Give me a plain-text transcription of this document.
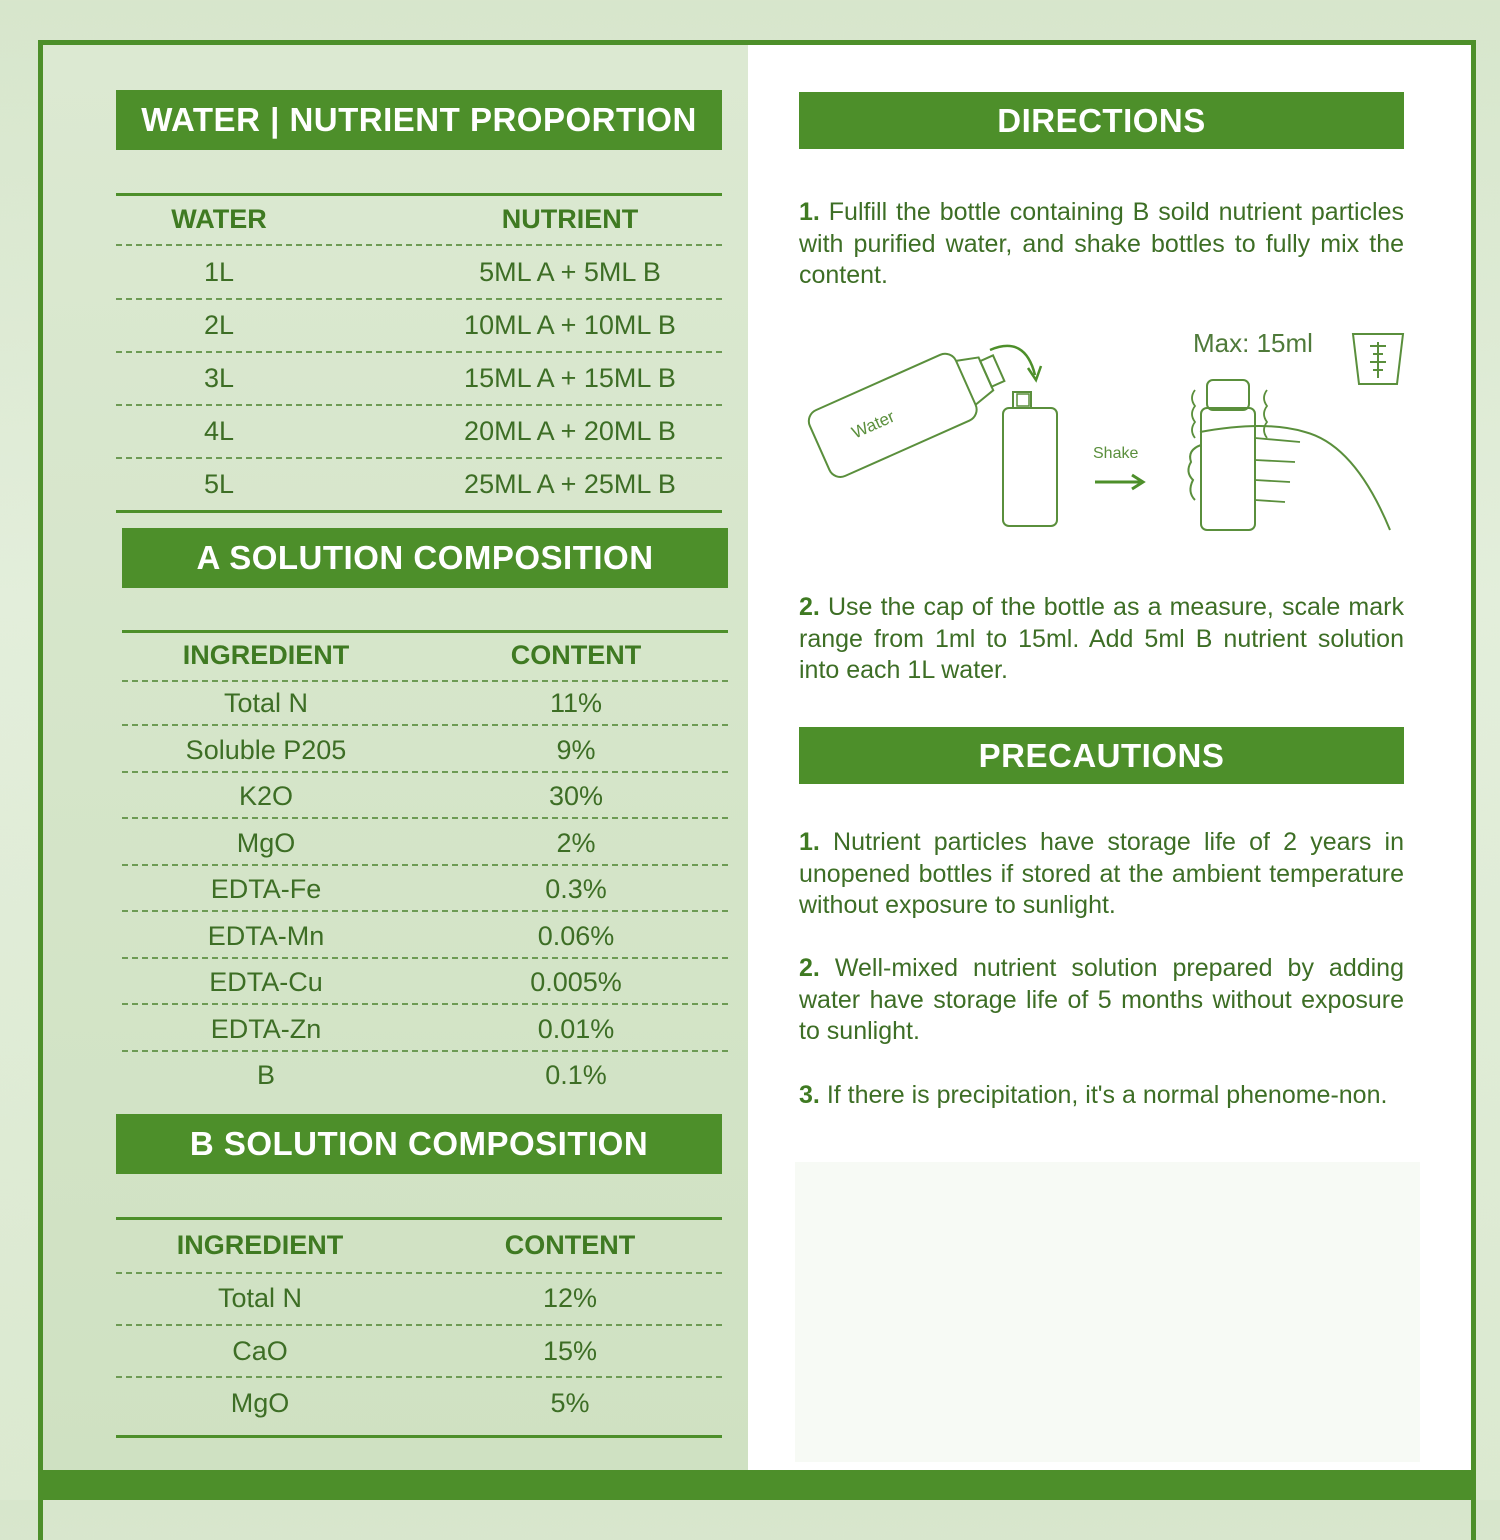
WATER | NUTRIENT PROPORTION
WATER	NUTRIENT
1L	5ML A + 5ML B
2L	10ML A + 10ML B
3L	15ML A + 15ML B
4L	20ML A + 20ML B
5L	25ML A + 25ML B
A SOLUTION COMPOSITION
INGREDIENT	CONTENT
Total N	11%
Soluble P205	9%
K2O	30%
MgO	2%
EDTA-Fe	0.3%
EDTA-Mn	0.06%
EDTA-Cu	0.005%
EDTA-Zn	0.01%
B	0.1%
B SOLUTION COMPOSITION
INGREDIENT	CONTENT
Total N	12%
CaO	15%
MgO	5%
DIRECTIONS
1. Fulfill the bottle containing B soild nutrient particles with purified water, and shake bottles to fully mix the content.
Water
Shake
Max: 15ml
2. Use the cap of the bottle as a measure, scale mark range from 1ml to 15ml. Add 5ml B nutrient solution into each 1L water.
PRECAUTIONS
1. Nutrient particles have storage life of 2 years in unopened bottles if stored at the ambient temperature without exposure to sunlight.
2. Well-mixed nutrient solution prepared by adding water have storage life of 5 months without exposure to sunlight.
3. If there is precipitation, it's a normal phenome-non.
